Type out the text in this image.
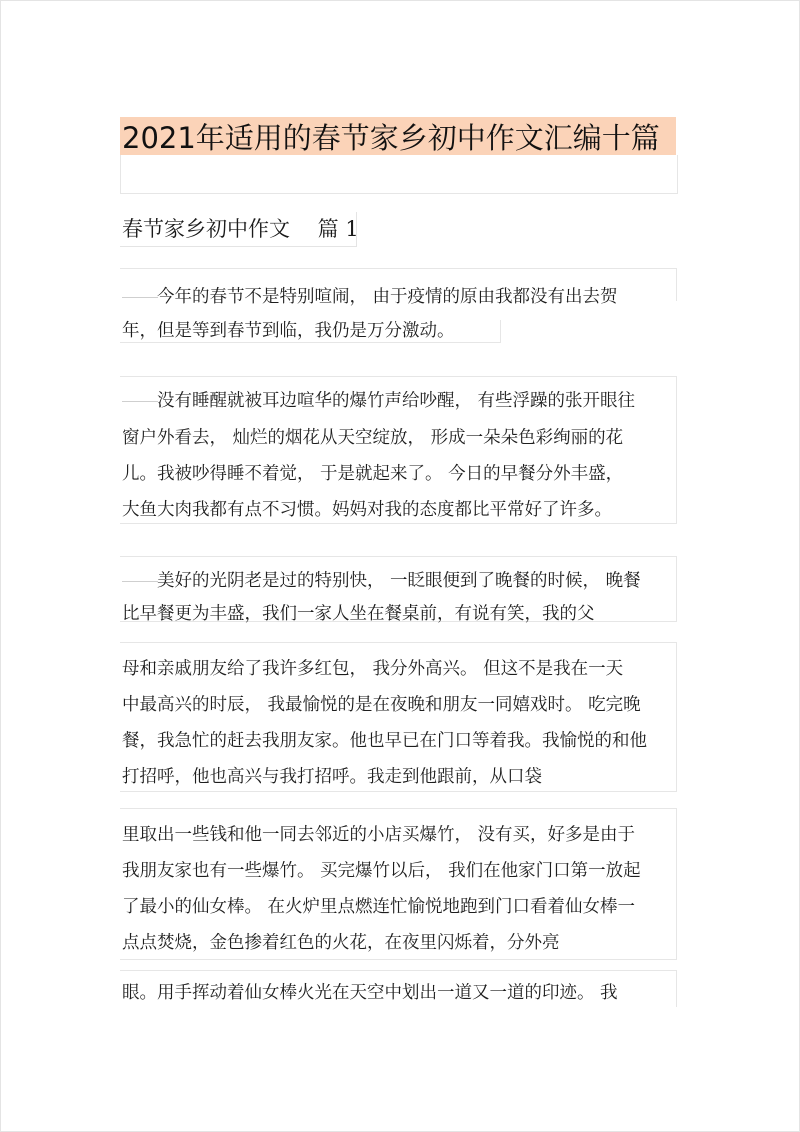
2021年适用的春节家乡初中作文汇编十篇
春节家乡初中作文　 篇 1
　　今年的春节不是特别喧闹， 由于疫情的原由我都没有出去贺
年，但是等到春节到临，我仍是万分激动。
　　没有睡醒就被耳边喧华的爆竹声给吵醒， 有些浮躁的张开眼往
窗户外看去， 灿烂的烟花从天空绽放， 形成一朵朵色彩绚丽的花
儿。我被吵得睡不着觉， 于是就起来了。 今日的早餐分外丰盛，
大鱼大肉我都有点不习惯。妈妈对我的态度都比平常好了许多。
　　美好的光阴老是过的特别快， 一眨眼便到了晚餐的时候， 晚餐
比早餐更为丰盛，我们一家人坐在餐桌前，有说有笑，我的父
母和亲戚朋友给了我许多红包， 我分外高兴。 但这不是我在一天
中最高兴的时辰， 我最愉悦的是在夜晚和朋友一同嬉戏时。 吃完晚
餐，我急忙的赶去我朋友家。他也早已在门口等着我。我愉悦的和他
打招呼，他也高兴与我打招呼。我走到他跟前，从口袋
里取出一些钱和他一同去邻近的小店买爆竹， 没有买，好多是由于
我朋友家也有一些爆竹。 买完爆竹以后， 我们在他家门口第一放起
了最小的仙女棒。 在火炉里点燃连忙愉悦地跑到门口看着仙女棒一
点点焚烧，金色掺着红色的火花，在夜里闪烁着，分外亮
眼。用手挥动着仙女棒火光在天空中划出一道又一道的印迹。 我
